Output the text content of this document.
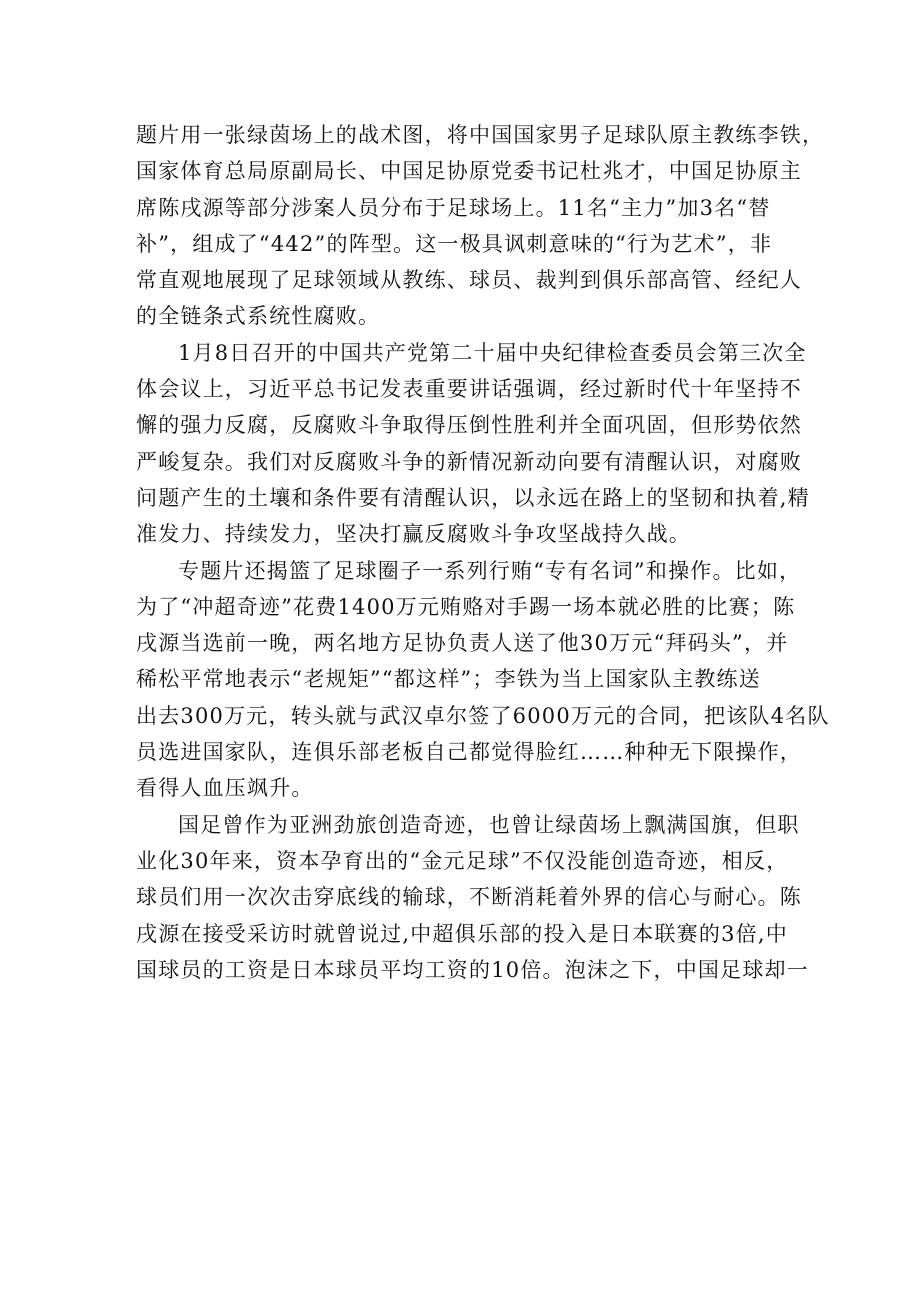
题片用一张绿茵场上的战术图，将中国国家男子足球队原主教练李铁，
国家体育总局原副局长、中国足协原党委书记杜兆才，中国足协原主
席陈戌源等部分涉案人员分布于足球场上。11名“主力”加3名“替
补”，组成了“442”的阵型。这一极具讽刺意味的“行为艺术”，非
常直观地展现了足球领域从教练、球员、裁判到俱乐部高管、经纪人
的全链条式系统性腐败。

1月8日召开的中国共产党第二十届中央纪律检查委员会第三次全
体会议上，习近平总书记发表重要讲话强调，经过新时代十年坚持不
懈的强力反腐，反腐败斗争取得压倒性胜利并全面巩固，但形势依然
严峻复杂。我们对反腐败斗争的新情况新动向要有清醒认识，对腐败
问题产生的土壤和条件要有清醒认识，以永远在路上的坚韧和执着,精
准发力、持续发力，坚决打赢反腐败斗争攻坚战持久战。

专题片还揭篮了足球圈子一系列行贿“专有名词”和操作。比如，
为了“冲超奇迹”花费1400万元贿赂对手踢一场本就必胜的比赛；陈
戌源当选前一晚，两名地方足协负责人送了他30万元“拜码头”，并
稀松平常地表示“老规矩”“都这样”；李铁为当上国家队主教练送
出去300万元，转头就与武汉卓尔签了6000万元的合同，把该队4名队
员选进国家队，连俱乐部老板自己都觉得脸红……种种无下限操作，
看得人血压飒升。

国足曾作为亚洲劲旅创造奇迹，也曾让绿茵场上飘满国旗，但职
业化30年来，资本孕育出的“金元足球”不仅没能创造奇迹，相反，
球员们用一次次击穿底线的输球，不断消耗着外界的信心与耐心。陈
戌源在接受采访时就曾说过,中超俱乐部的投入是日本联赛的3倍,中
国球员的工资是日本球员平均工资的10倍。泡沫之下，中国足球却一
